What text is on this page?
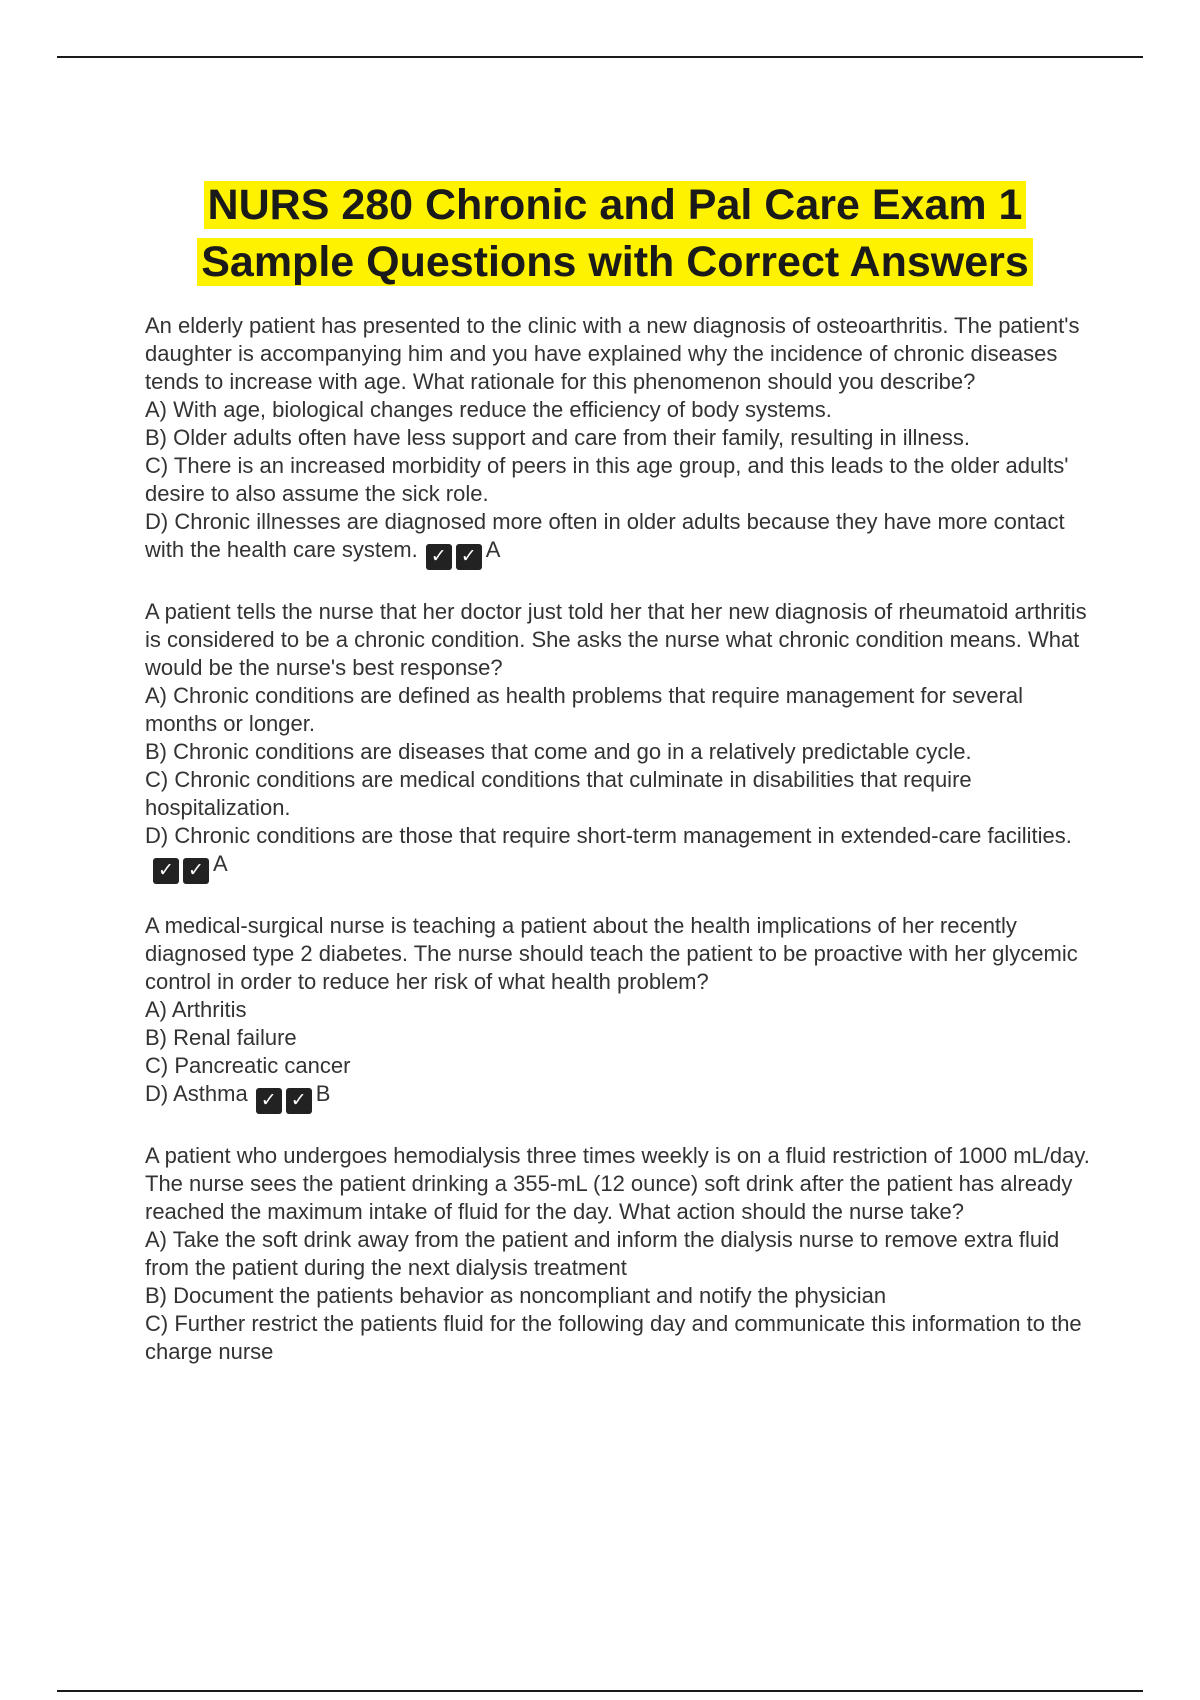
NURS 280 Chronic and Pal Care Exam 1
Sample Questions with Correct Answers

An elderly patient has presented to the clinic with a new diagnosis of osteoarthritis. The patient's daughter is accompanying him and you have explained why the incidence of chronic diseases tends to increase with age. What rationale for this phenomenon should you describe?

A) With age, biological changes reduce the efficiency of body systems.

B) Older adults often have less support and care from their family, resulting in illness.

C) There is an increased morbidity of peers in this age group, and this leads to the older adults' desire to also assume the sick role.

D) Chronic illnesses are diagnosed more often in older adults because they have more contact with the health care system. ✓ ✓ A

A patient tells the nurse that her doctor just told her that her new diagnosis of rheumatoid arthritis is considered to be a chronic condition. She asks the nurse what chronic condition means. What would be the nurse's best response?

A) Chronic conditions are defined as health problems that require management for several months or longer.

B) Chronic conditions are diseases that come and go in a relatively predictable cycle.

C) Chronic conditions are medical conditions that culminate in disabilities that require hospitalization.

D) Chronic conditions are those that require short-term management in extended-care facilities.✓ ✓ A

A medical-surgical nurse is teaching a patient about the health implications of her recently diagnosed type 2 diabetes. The nurse should teach the patient to be proactive with her glycemic control in order to reduce her risk of what health problem?

A) Arthritis

B) Renal failure

C) Pancreatic cancer

D) Asthma ✓ ✓ B

A patient who undergoes hemodialysis three times weekly is on a fluid restriction of 1000 mL/day. The nurse sees the patient drinking a 355-mL (12 ounce) soft drink after the patient has already reached the maximum intake of fluid for the day. What action should the nurse take?

A) Take the soft drink away from the patient and inform the dialysis nurse to remove extra fluid from the patient during the next dialysis treatment

B) Document the patients behavior as noncompliant and notify the physician

C) Further restrict the patients fluid for the following day and communicate this information to the charge nurse
